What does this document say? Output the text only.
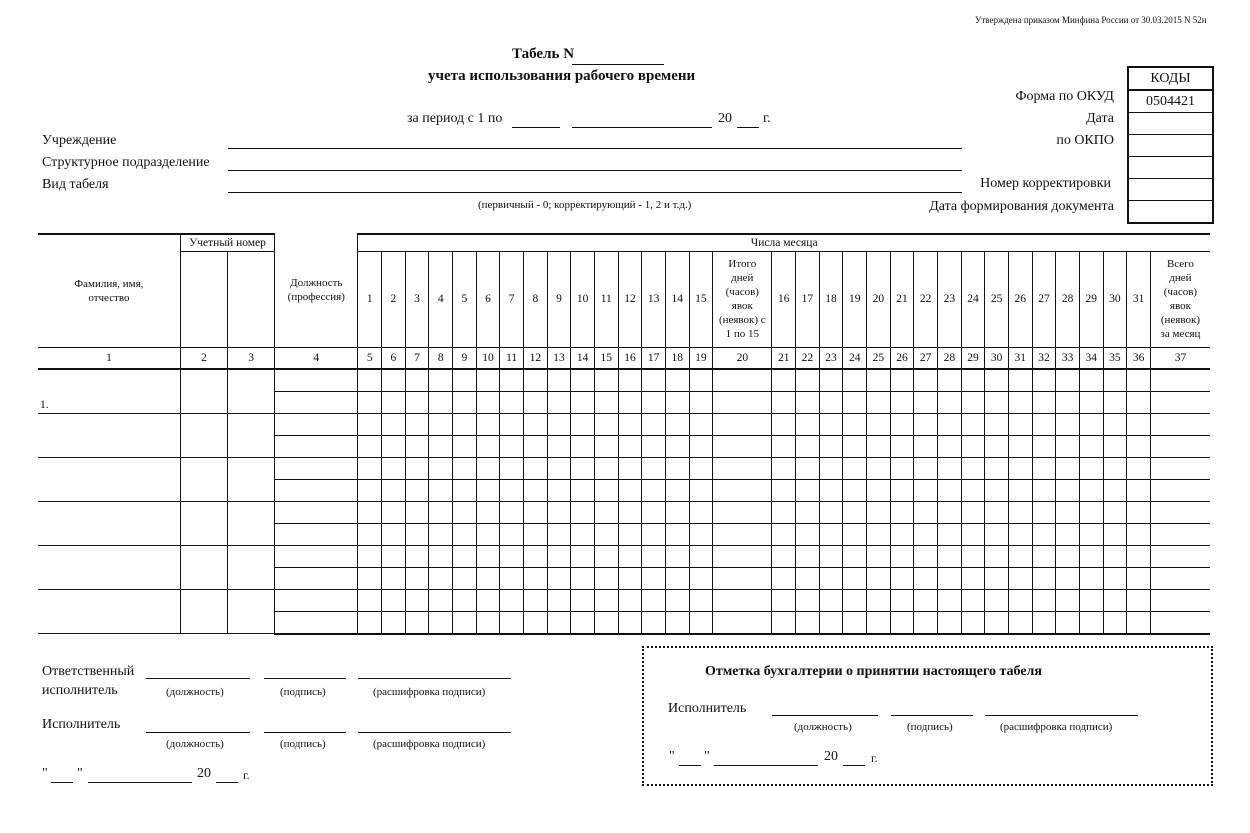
Утверждена приказом Минфина России от 30.03.2015 N 52н
Табель N
учета использования рабочего времени
за период с 1 по	20 г.
Учреждение
Структурное подразделение
Вид табеля
(первичный - 0; корректирующий - 1, 2 и т.д.)
Форма по ОКУД
Дата
по ОКПО
Номер корректировки
Дата формирования документа
КОДЫ
0504421
Фамилия, имя, отчество	Учетный номер		Должность (профессия)	Числа месяца																																
				1	2	3	4	5	6	7	8	9	10	11	12	13	14	15	Итого дней (часов) явок (неявок) с 1 по 15	16	17	18	19	20	21	22	23	24	25	26	27	28	29	30	31	Всего дней (часов) явок (неявок) за месяц

1	2	3	4	5	6	7	8	9	10	11	12	13	14	15	16	17	18	19	20	21	22	23	24	25	26	27	28	29	30	31	32	33	34	35	36	37
1.																																				

Ответственный
исполнитель	(должность)	(подпись)	(расшифровка подписи)
Исполнитель
(должность)	(подпись)	(расшифровка подписи)
" "	20	г.
Отметка бухгалтерии о принятии настоящего табеля
Исполнитель
(должность)	(подпись)	(расшифровка подписи)
" "	20	г.
